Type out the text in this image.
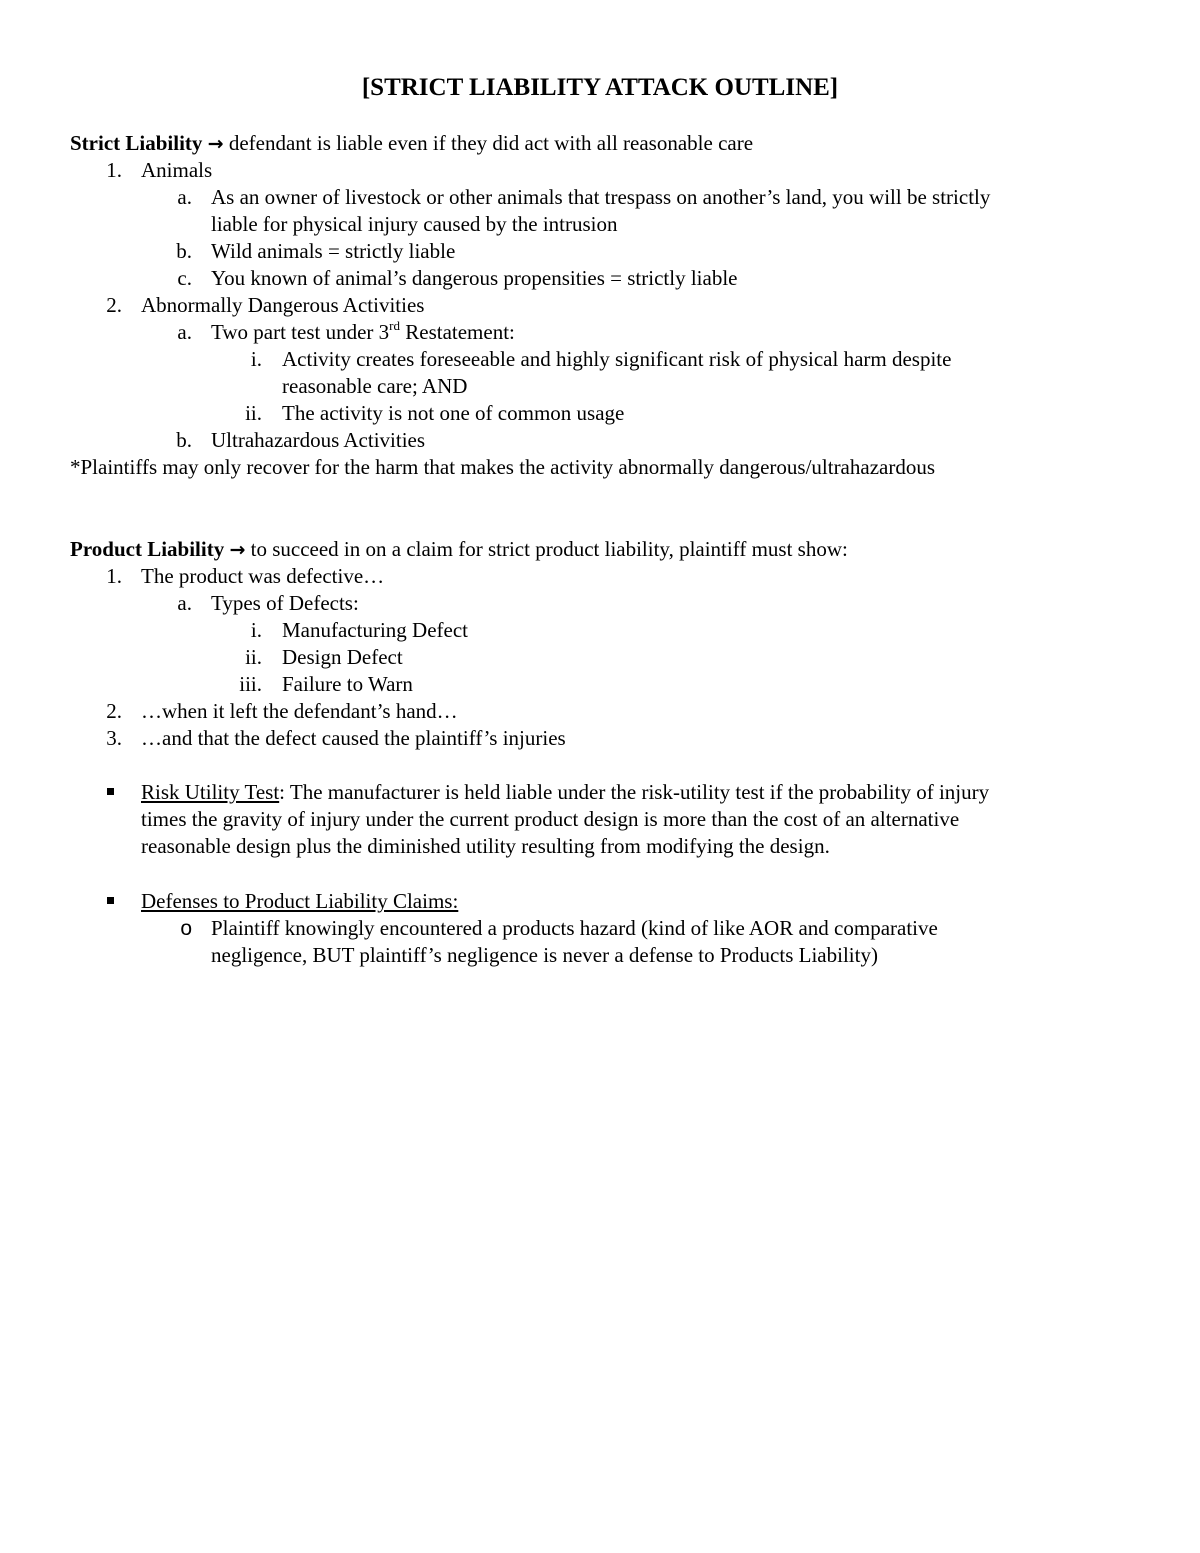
[STRICT LIABILITY ATTACK OUTLINE]
Strict Liability → defendant is liable even if they did act with all reasonable care
1. Animals
a. As an owner of livestock or other animals that trespass on another’s land, you will be strictly
liable for physical injury caused by the intrusion
b. Wild animals = strictly liable
c. You known of animal’s dangerous propensities = strictly liable
2. Abnormally Dangerous Activities
a. Two part test under 3rd Restatement:
i. Activity creates foreseeable and highly significant risk of physical harm despite
reasonable care; AND
ii. The activity is not one of common usage
b. Ultrahazardous Activities
*Plaintiffs may only recover for the harm that makes the activity abnormally dangerous/ultrahazardous
Product Liability → to succeed in on a claim for strict product liability, plaintiff must show:
1. The product was defective…
a. Types of Defects:
i. Manufacturing Defect
ii. Design Defect
iii. Failure to Warn
2. …when it left the defendant’s hand…
3. …and that the defect caused the plaintiff’s injuries
Risk Utility Test: The manufacturer is held liable under the risk-utility test if the probability of injury
times the gravity of injury under the current product design is more than the cost of an alternative
reasonable design plus the diminished utility resulting from modifying the design.
Defenses to Product Liability Claims:
o Plaintiff knowingly encountered a products hazard (kind of like AOR and comparative
negligence, BUT plaintiff’s negligence is never a defense to Products Liability)
